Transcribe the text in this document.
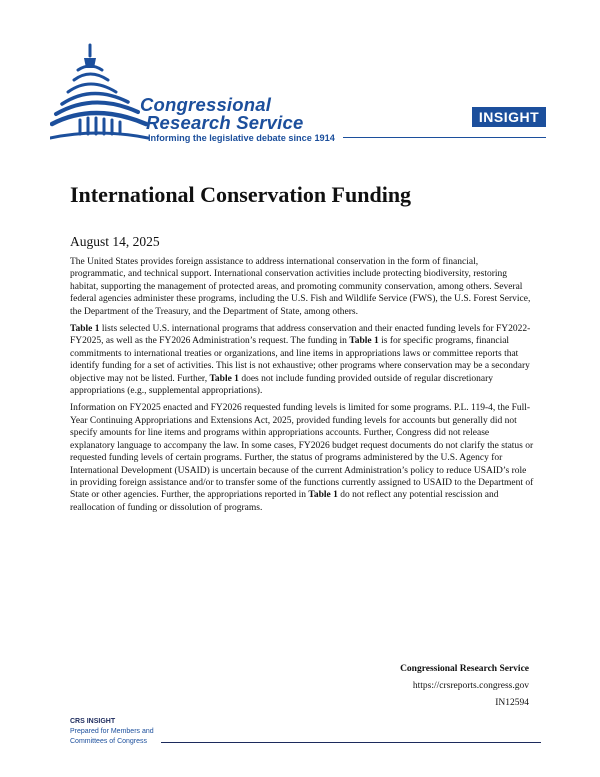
Congressional
Research Service
Informing the legislative debate since 1914
INSIGHT
International Conservation Funding
August 14, 2025

The United States provides foreign assistance to address international conservation in the form of financial, programmatic, and technical support. International conservation activities include protecting biodiversity, restoring habitat, supporting the management of protected areas, and promoting community conservation, among others. Several federal agencies administer these programs, including the U.S. Fish and Wildlife Service (FWS), the U.S. Forest Service, the Department of the Treasury, and the Department of State, among others.

Table 1 lists selected U.S. international programs that address conservation and their enacted funding levels for FY2022-FY2025, as well as the FY2026 Administration’s request. The funding in Table 1 is for specific programs, financial commitments to international treaties or organizations, and line items in appropriations laws or committee reports that identify funding for a set of activities. This list is not exhaustive; other programs where conservation may be a secondary objective may not be listed. Further, Table 1 does not include funding provided outside of regular discretionary appropriations (e.g., supplemental appropriations).

Information on FY2025 enacted and FY2026 requested funding levels is limited for some programs. P.L. 119-4, the Full-Year Continuing Appropriations and Extensions Act, 2025, provided funding levels for accounts but generally did not specify amounts for line items and programs within appropriations accounts. Further, Congress did not release explanatory language to accompany the law. In some cases, FY2026 budget request documents do not clarify the status or requested funding levels of certain programs. Further, the status of programs administered by the U.S. Agency for International Development (USAID) is uncertain because of the current Administration’s policy to reduce USAID’s role in providing foreign assistance and/or to transfer some of the functions currently assigned to USAID to the Department of State or other agencies. Further, the appropriations reported in Table 1 do not reflect any potential rescission and reallocation of funding or dissolution of programs.

Congressional Research Service
https://crsreports.congress.gov
IN12594
CRS INSIGHT
Prepared for Members and
Committees of Congress
